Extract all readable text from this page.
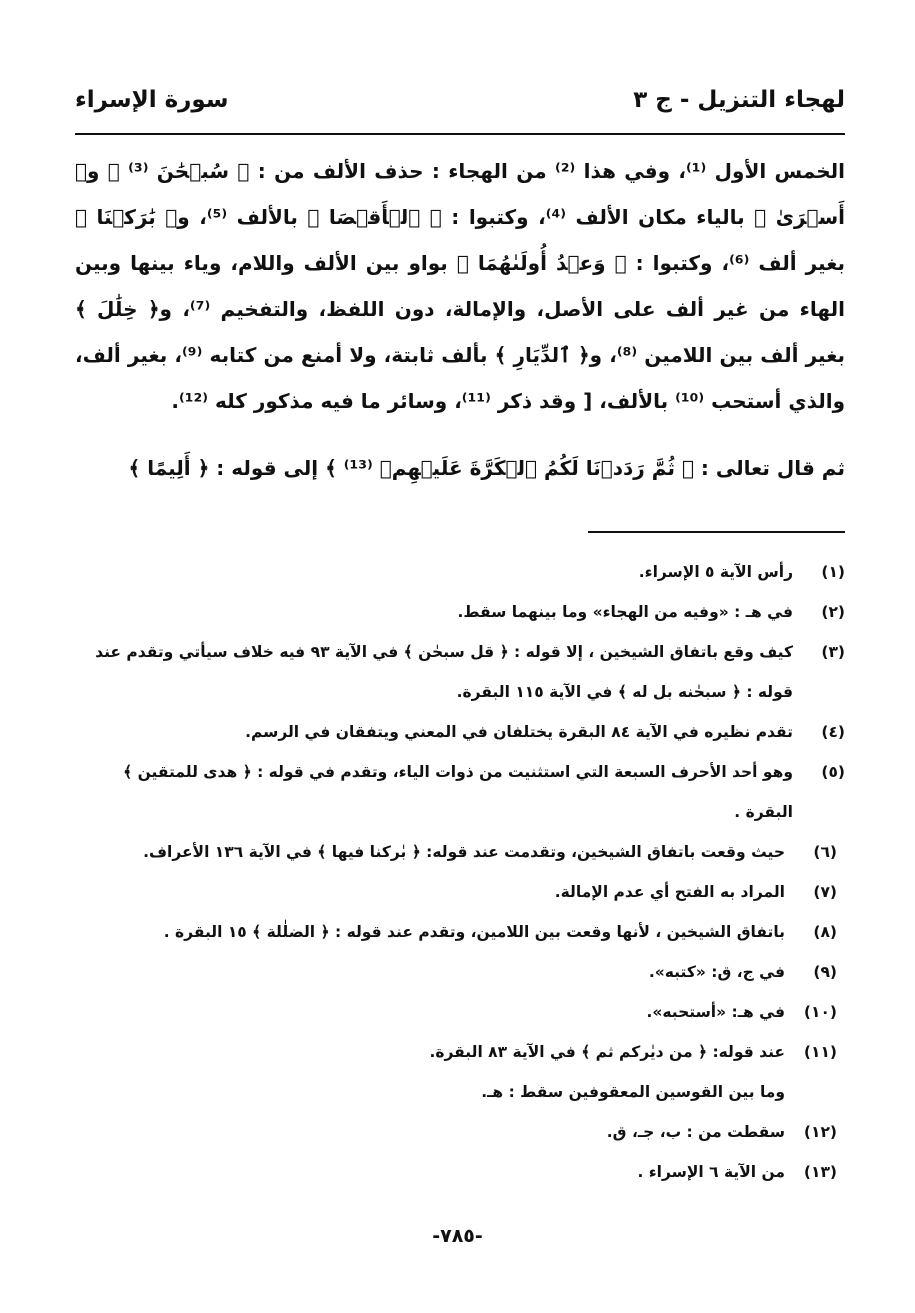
لهجاء التنزيل - ج ٣
سورة الإسراء

الخمس الأول ⁽¹⁾، وفي هذا ⁽²⁾ من الهجاء : حذف الألف من : ﴿ سُبۡحَٰنَ ⁽³⁾ ﴾ و﴿ أَسۡرَىٰ ﴾ بالياء مكان الألف ⁽⁴⁾، وكتبوا : ﴿ ٱلۡأَقۡصَا ﴾ بالألف ⁽⁵⁾، و﴿ بَٰرَكۡنَا ﴾ بغير ألف ⁽⁶⁾، وكتبوا : ﴿ وَعۡدُ أُولَىٰهُمَا ﴾ بواو بين الألف واللام، وياء بينها وبين الهاء من غير ألف على الأصل، والإمالة، دون اللفظ، والتفخيم ⁽⁷⁾، و﴿ خِلَٰلَ ﴾ بغير ألف بين اللامين ⁽⁸⁾، و﴿ ٱلدِّيَارِ ﴾ بألف ثابتة، ولا أمنع من كتابه ⁽⁹⁾، بغير ألف، والذي أستحب ⁽¹⁰⁾ بالألف، [ وقد ذكر ⁽¹¹⁾، وسائر ما فيه مذكور كله ⁽¹²⁾.

ثم قال تعالى : ﴿ ثُمَّ رَدَدۡنَا لَكُمُ ٱلۡكَرَّةَ عَلَيۡهِمۡ ⁽¹³⁾ ﴾ إلى قوله : ﴿ أَلِيمًا ﴾
(١)
رأس الآية ٥ الإسراء.
(٢)
في هـ : «وفيه من الهجاء» وما بينهما سقط.
(٣)
كيف وقع باتفاق الشيخين ، إلا قوله : ﴿ قل سبحٰن ﴾ في الآية ٩٣ فيه خلاف سيأتي وتقدم عند
قوله : ﴿ سبحٰنه بل له ﴾ في الآية ١١٥ البقرة.
(٤)
تقدم نظيره في الآية ٨٤ البقرة يختلفان في المعني ويتفقان في الرسم.
(٥)
وهو أحد الأحرف السبعة التي استثنيت من ذوات الياء، وتقدم في قوله : ﴿ هدى للمتقين ﴾
البقرة .
(٦)
حيث وقعت باتفاق الشيخين، وتقدمت عند قوله: ﴿ بٰركنا فيها ﴾ في الآية ١٣٦ الأعراف.
(٧)
المراد به الفتح أي عدم الإمالة.
(٨)
باتفاق الشيخين ، لأنها وقعت بين اللامين، وتقدم عند قوله : ﴿ الضلٰلة ﴾ ١٥ البقرة .
(٩)
في ج، ق: «كتبه».
(١٠)
في هـ: «أستحبه».
(١١)
عند قوله: ﴿ من ديٰركم ثم ﴾ في الآية ٨٣ البقرة.
وما بين القوسين المعقوفين سقط : هـ.
(١٢)
سقطت من : ب، جـ، ق.
(١٣)
من الآية ٦ الإسراء .
-٧٨٥-
